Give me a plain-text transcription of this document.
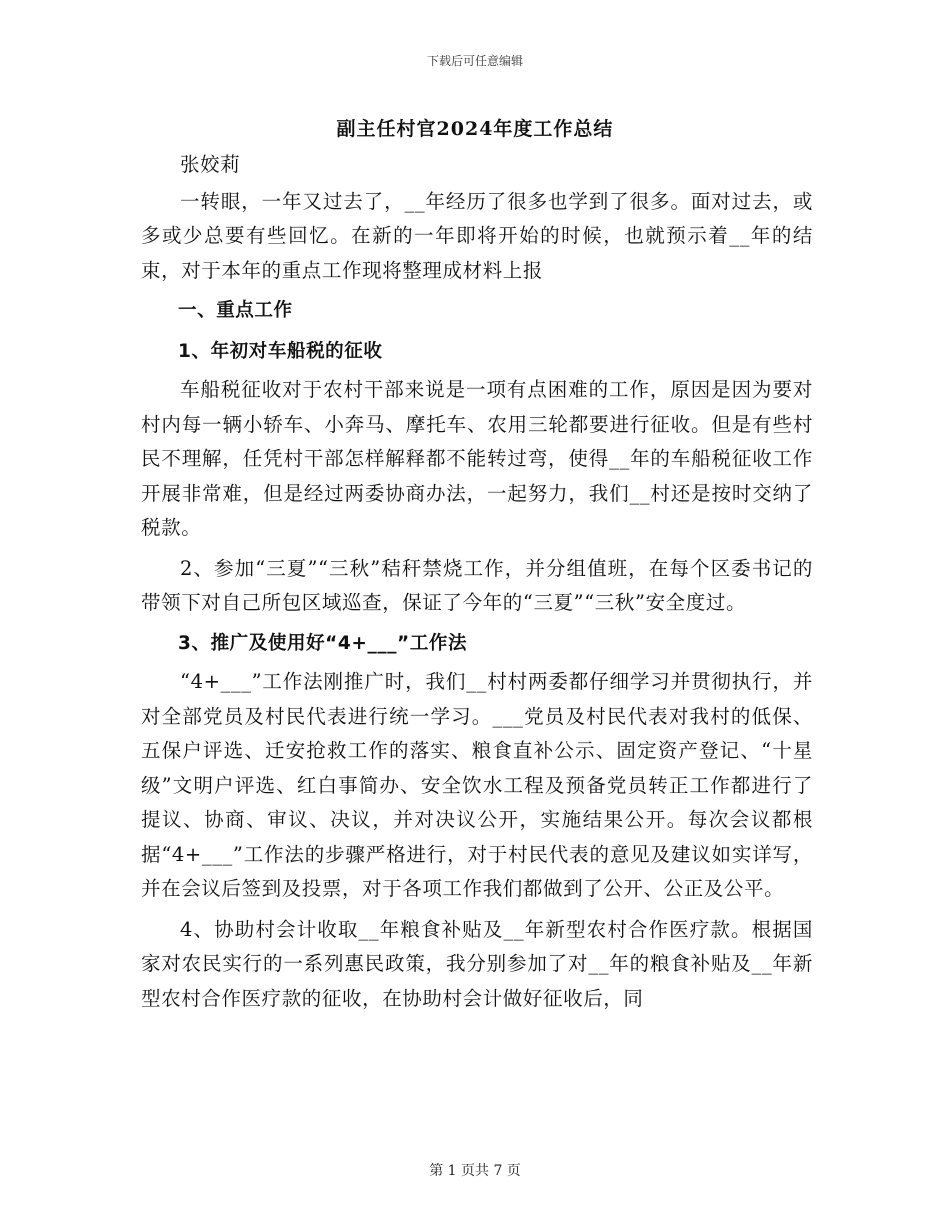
下载后可任意编辑
副主任村官2024年度工作总结

张姣莉

一转眼，一年又过去了，__年经历了很多也学到了很多。面对过去，或多或少总要有些回忆。在新的一年即将开始的时候，也就预示着__年的结束，对于本年的重点工作现将整理成材料上报

一、重点工作

1、年初对车船税的征收

车船税征收对于农村干部来说是一项有点困难的工作，原因是因为要对村内每一辆小轿车、小奔马、摩托车、农用三轮都要进行征收。但是有些村民不理解，任凭村干部怎样解释都不能转过弯，使得__年的车船税征收工作开展非常难，但是经过两委协商办法，一起努力，我们__村还是按时交纳了税款。

2、参加“三夏”“三秋”秸秆禁烧工作，并分组值班，在每个区委书记的带领下对自己所包区域巡查，保证了今年的“三夏”“三秋”安全度过。

3、推广及使用好“4+___”工作法

“4+___”工作法刚推广时，我们__村村两委都仔细学习并贯彻执行，并对全部党员及村民代表进行统一学习。___党员及村民代表对我村的低保、五保户评选、迁安抢救工作的落实、粮食直补公示、固定资产登记、“十星级”文明户评选、红白事简办、安全饮水工程及预备党员转正工作都进行了提议、协商、审议、决议，并对决议公开，实施结果公开。每次会议都根据“4+___”工作法的步骤严格进行，对于村民代表的意见及建议如实详写，并在会议后签到及投票，对于各项工作我们都做到了公开、公正及公平。

4、协助村会计收取__年粮食补贴及__年新型农村合作医疗款。根据国家对农民实行的一系列惠民政策，我分别参加了对__年的粮食补贴及__年新型农村合作医疗款的征收，在协助村会计做好征收后，同

第 1 页共 7 页
